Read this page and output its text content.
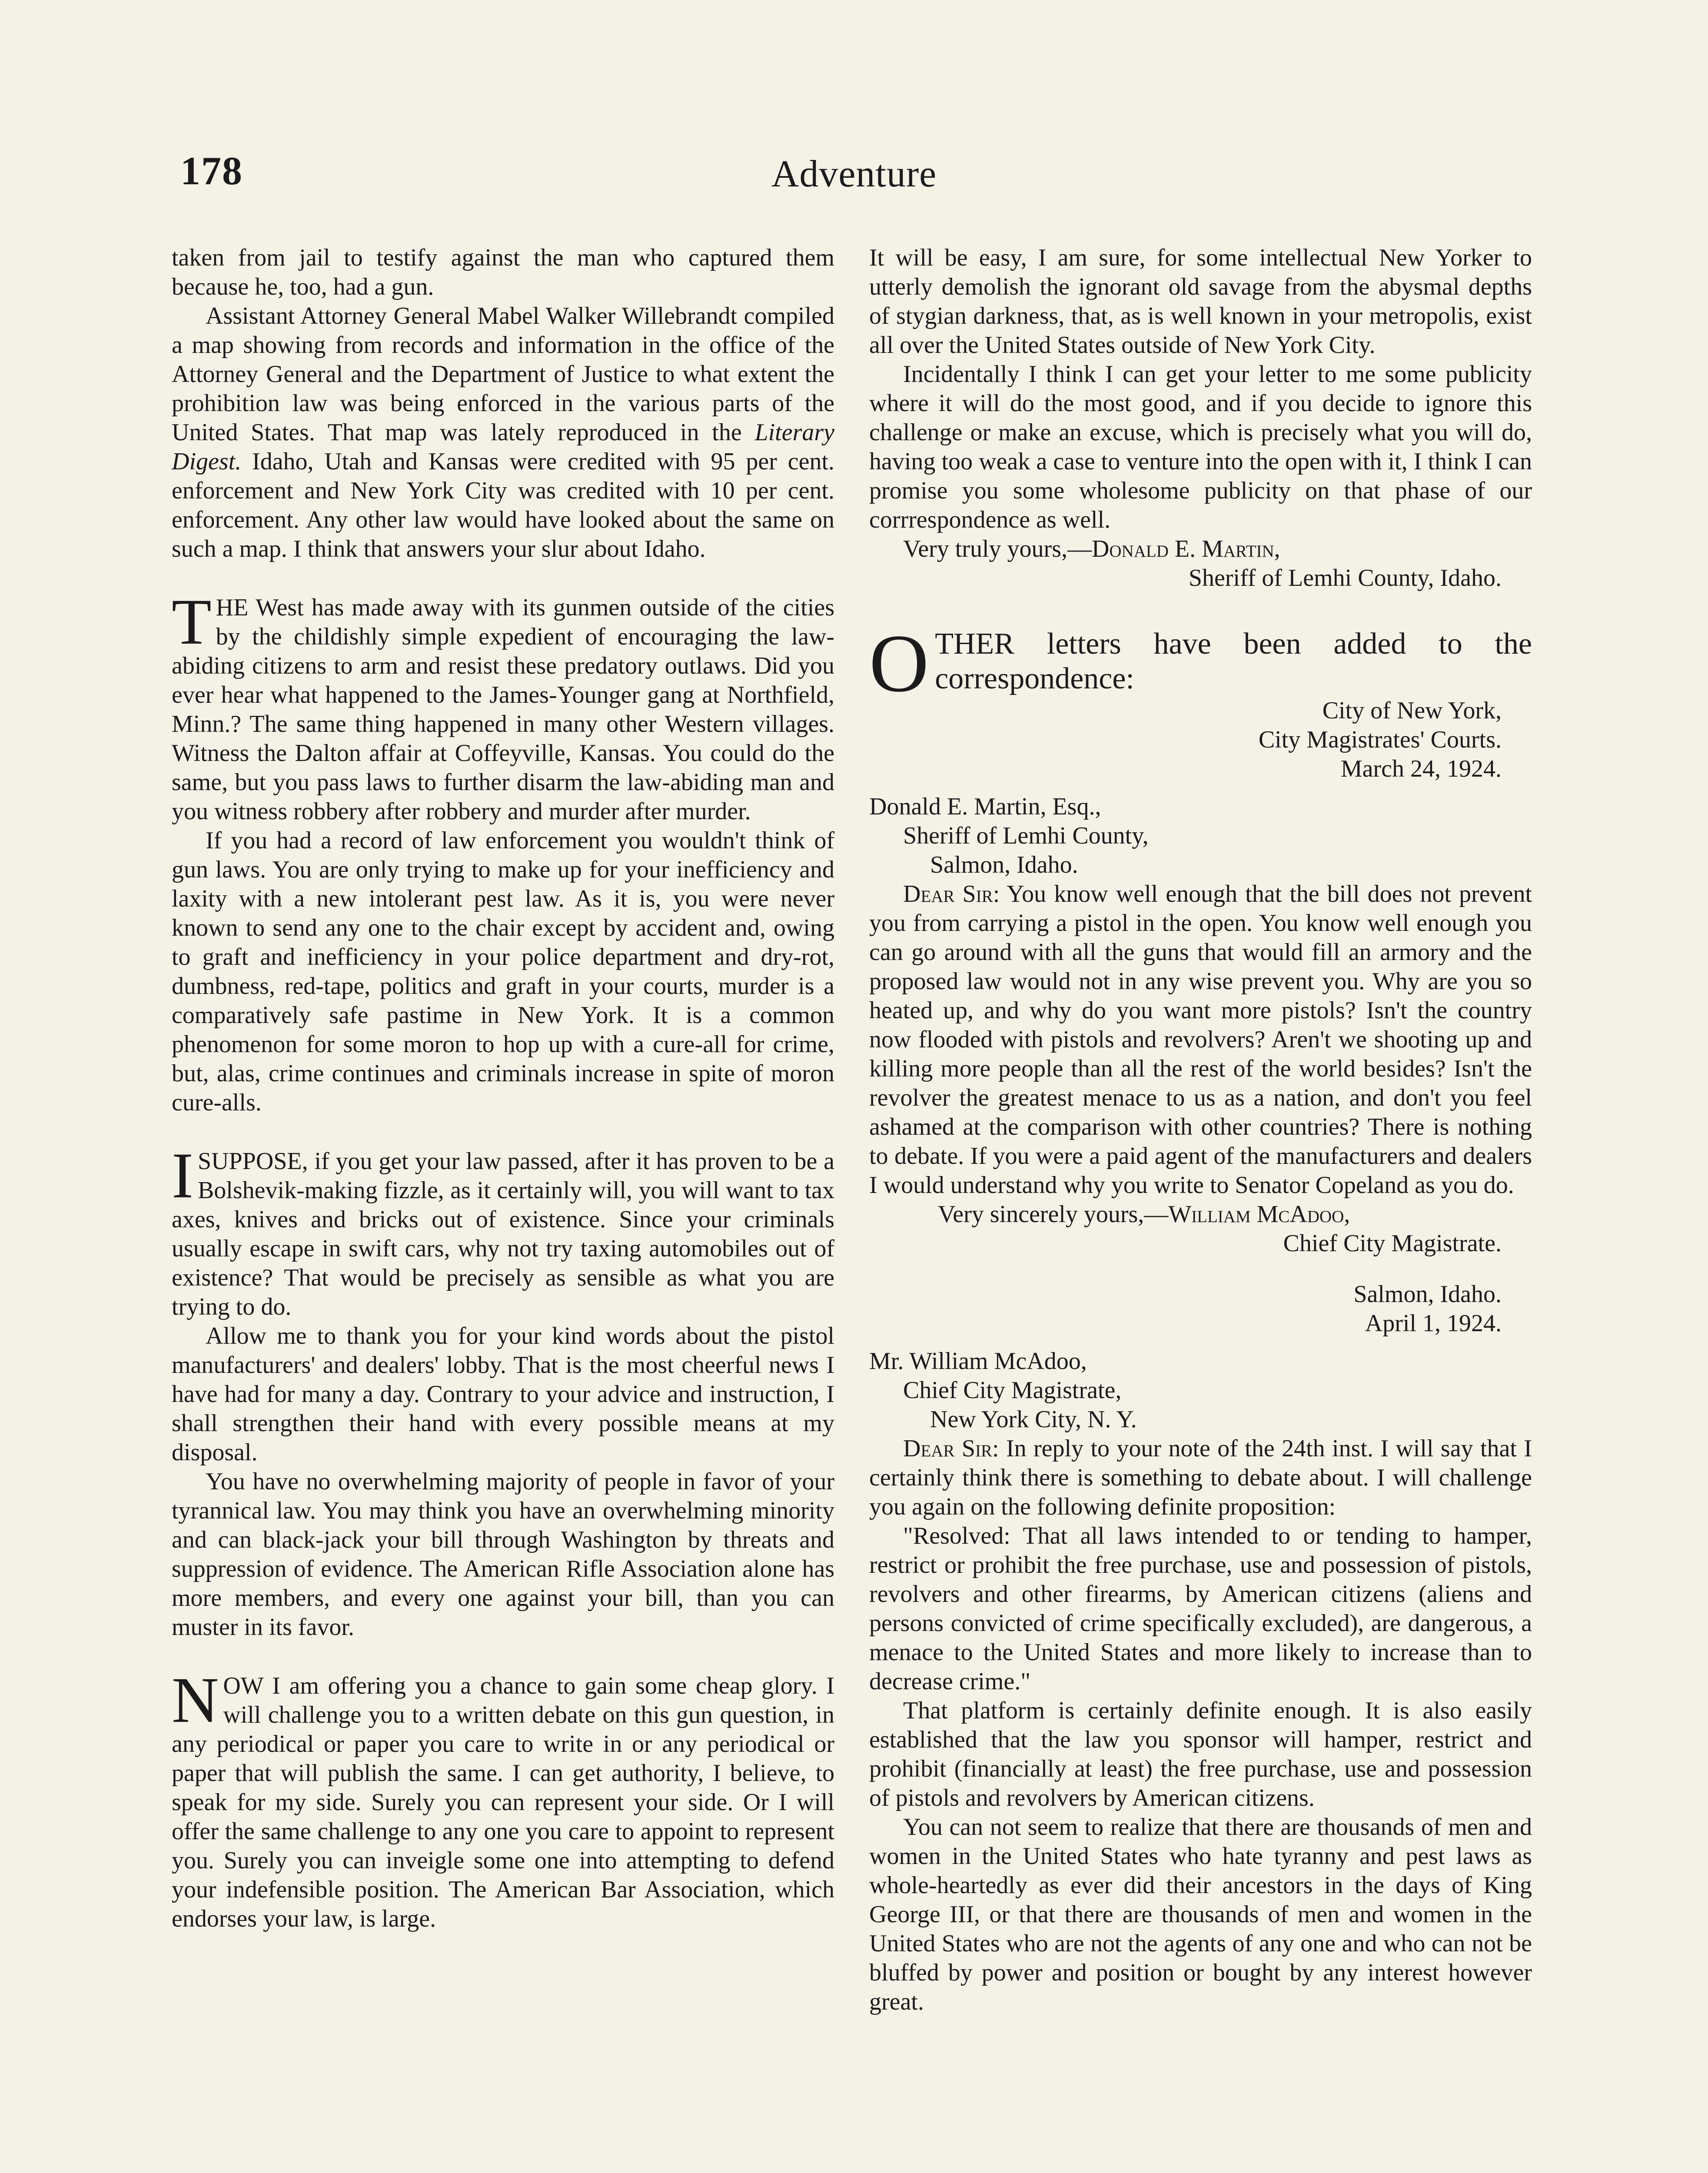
178	Adventure

taken from jail to testify against the man who captured them because he, too, had a gun.

Assistant Attorney General Mabel Walker Willebrandt compiled a map showing from records and information in the office of the Attorney General and the Department of Justice to what extent the prohibition law was being enforced in the various parts of the United States. That map was lately reproduced in the Literary Digest. Idaho, Utah and Kansas were credited with 95 per cent. enforcement and New York City was credited with 10 per cent. enforcement. Any other law would have looked about the same on such a map. I think that answers your slur about Idaho.

THE West has made away with its gunmen outside of the cities by the childishly simple expedient of encouraging the law-abiding citizens to arm and resist these predatory outlaws. Did you ever hear what happened to the James-Younger gang at Northfield, Minn.? The same thing happened in many other Western villages. Witness the Dalton affair at Coffeyville, Kansas. You could do the same, but you pass laws to further disarm the law-abiding man and you witness robbery after robbery and murder after murder.

If you had a record of law enforcement you wouldn't think of gun laws. You are only trying to make up for your inefficiency and laxity with a new intolerant pest law. As it is, you were never known to send any one to the chair except by accident and, owing to graft and inefficiency in your police department and dry-rot, dumbness, red-tape, politics and graft in your courts, murder is a comparatively safe pastime in New York. It is a common phenomenon for some moron to hop up with a cure-all for crime, but, alas, crime continues and criminals increase in spite of moron cure-alls.

ISUPPOSE, if you get your law passed, after it has proven to be a Bolshevik-making fizzle, as it certainly will, you will want to tax axes, knives and bricks out of existence. Since your criminals usually escape in swift cars, why not try taxing automobiles out of existence? That would be precisely as sensible as what you are trying to do.

Allow me to thank you for your kind words about the pistol manufacturers' and dealers' lobby. That is the most cheerful news I have had for many a day. Contrary to your advice and instruction, I shall strengthen their hand with every possible means at my disposal.

You have no overwhelming majority of people in favor of your tyrannical law. You may think you have an overwhelming minority and can black-jack your bill through Washington by threats and suppression of evidence. The American Rifle Association alone has more members, and every one against your bill, than you can muster in its favor.

NOW I am offering you a chance to gain some cheap glory. I will challenge you to a written debate on this gun question, in any periodical or paper you care to write in or any periodical or paper that will publish the same. I can get authority, I believe, to speak for my side. Surely you can represent your side. Or I will offer the same challenge to any one you care to appoint to represent you. Surely you can inveigle some one into attempting to defend your indefensible position. The American Bar Association, which endorses your law, is large.

It will be easy, I am sure, for some intellectual New Yorker to utterly demolish the ignorant old savage from the abysmal depths of stygian darkness, that, as is well known in your metropolis, exist all over the United States outside of New York City.

Incidentally I think I can get your letter to me some publicity where it will do the most good, and if you decide to ignore this challenge or make an excuse, which is precisely what you will do, having too weak a case to venture into the open with it, I think I can promise you some wholesome publicity on that phase of our corrrespondence as well.

Very truly yours,—Donald E. Martin,

Sheriff of Lemhi County, Idaho.

OTHER letters have been added to the correspondence:

City of New York,

City Magistrates' Courts.

March 24, 1924.

Donald E. Martin, Esq.,

Sheriff of Lemhi County,

Salmon, Idaho.

Dear Sir: You know well enough that the bill does not prevent you from carrying a pistol in the open. You know well enough you can go around with all the guns that would fill an armory and the proposed law would not in any wise prevent you. Why are you so heated up, and why do you want more pistols? Isn't the country now flooded with pistols and revolvers? Aren't we shooting up and killing more people than all the rest of the world besides? Isn't the revolver the greatest menace to us as a nation, and don't you feel ashamed at the comparison with other countries? There is nothing to debate. If you were a paid agent of the manufacturers and dealers I would understand why you write to Senator Copeland as you do.

Very sincerely yours,—William McAdoo,

Chief City Magistrate.

Salmon, Idaho.

April 1, 1924.

Mr. William McAdoo,

Chief City Magistrate,

New York City, N. Y.

Dear Sir: In reply to your note of the 24th inst. I will say that I certainly think there is something to debate about. I will challenge you again on the following definite proposition:

"Resolved: That all laws intended to or tending to hamper, restrict or prohibit the free purchase, use and possession of pistols, revolvers and other firearms, by American citizens (aliens and persons convicted of crime specifically excluded), are dangerous, a menace to the United States and more likely to increase than to decrease crime."

That platform is certainly definite enough. It is also easily established that the law you sponsor will hamper, restrict and prohibit (financially at least) the free purchase, use and possession of pistols and revolvers by American citizens.

You can not seem to realize that there are thousands of men and women in the United States who hate tyranny and pest laws as whole-heartedly as ever did their ancestors in the days of King George III, or that there are thousands of men and women in the United States who are not the agents of any one and who can not be bluffed by power and position or bought by any interest however great.
